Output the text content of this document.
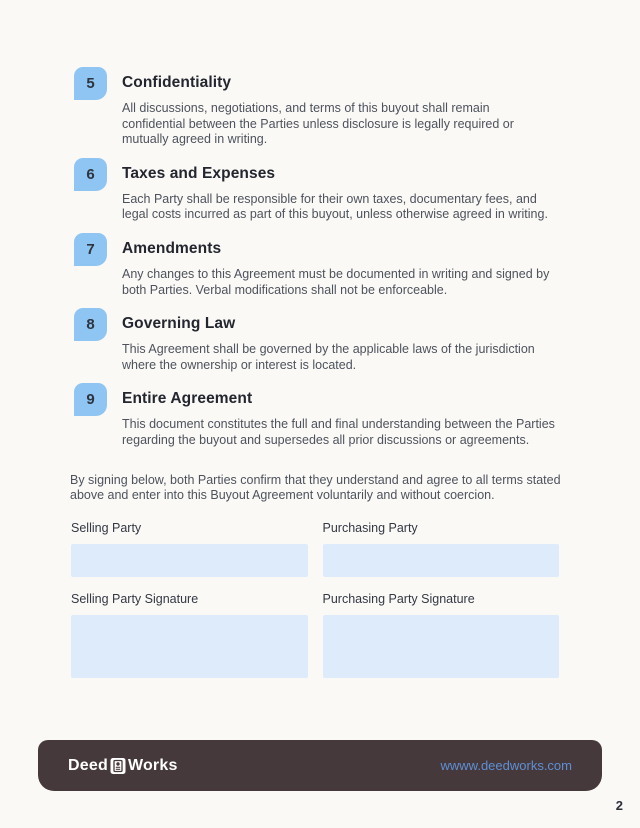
5	Confidentiality

All discussions, negotiations, and terms of this buyout shall remain confidential between the Parties unless disclosure is legally required or mutually agreed in writing.

6	Taxes and Expenses

Each Party shall be responsible for their own taxes, documentary fees, and legal costs incurred as part of this buyout, unless otherwise agreed in writing.

7	Amendments

Any changes to this Agreement must be documented in writing and signed by both Parties. Verbal modifications shall not be enforceable.

8	Governing Law

This Agreement shall be governed by the applicable laws of the jurisdiction where the ownership or interest is located.

9	Entire Agreement

This document constitutes the full and final understanding between the Parties regarding the buyout and supersedes all prior discussions or agreements.

By signing below, both Parties confirm that they understand and agree to all terms stated above and enter into this Buyout Agreement voluntarily and without coercion.

Selling Party	Purchasing Party
Selling Party Signature	Purchasing Party Signature
Deed Works	wwww.deedworks.com
2
